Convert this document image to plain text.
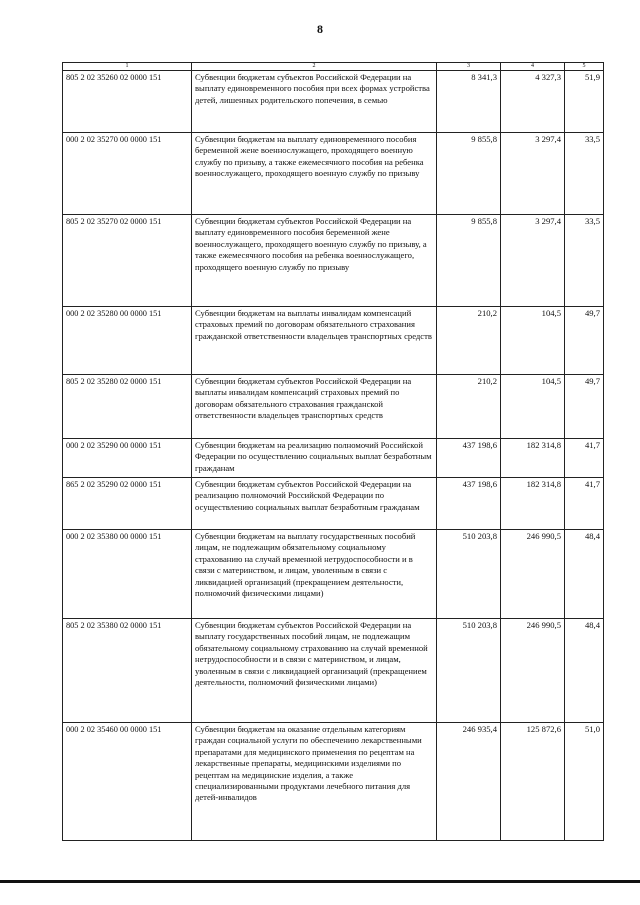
8
1	2	3	4	5
805 2 02 35260 02 0000 151	Субвенции бюджетам субъектов Российской Федерации на выплату единовременного пособия при всех формах устройства детей, лишенных родительского попечения, в семью	8 341,3	4 327,3	51,9
000 2 02 35270 00 0000 151	Субвенции бюджетам на выплату единовременного пособия беременной жене военнослужащего, проходящего военную службу по призыву, а также ежемесячного пособия на ребенка военнослужащего, проходящего военную службу по призыву	9 855,8	3 297,4	33,5
805 2 02 35270 02 0000 151	Субвенции бюджетам субъектов Российской Федерации на выплату единовременного пособия беременной жене военнослужащего, проходящего военную службу по призыву, а также ежемесячного пособия на ребенка военнослужащего, проходящего военную службу по призыву	9 855,8	3 297,4	33,5
000 2 02 35280 00 0000 151	Субвенции бюджетам на выплаты инвалидам компенсаций страховых премий по договорам обязательного страхования гражданской ответственности владельцев транспортных средств	210,2	104,5	49,7
805 2 02 35280 02 0000 151	Субвенции бюджетам субъектов Российской Федерации на выплаты инвалидам компенсаций страховых премий по договорам обязательного страхования гражданской ответственности владельцев транспортных средств	210,2	104,5	49,7
000 2 02 35290 00 0000 151	Субвенции бюджетам на реализацию полномочий Российской Федерации по осуществлению социальных выплат безработным гражданам	437 198,6	182 314,8	41,7
865 2 02 35290 02 0000 151	Субвенции бюджетам субъектов Российской Федерации на реализацию полномочий Российской Федерации по осуществлению социальных выплат безработным гражданам	437 198,6	182 314,8	41,7
000 2 02 35380 00 0000 151	Субвенции бюджетам на выплату государственных пособий лицам, не подлежащим обязательному социальному страхованию на случай временной нетрудоспособности и в связи с материнством, и лицам, уволенным в связи с ликвидацией организаций (прекращением деятельности, полномочий физическими лицами)	510 203,8	246 990,5	48,4
805 2 02 35380 02 0000 151	Субвенции бюджетам субъектов Российской Федерации на выплату государственных пособий лицам, не подлежащим обязательному социальному страхованию на случай временной нетрудоспособности и в связи с материнством, и лицам, уволенным в связи с ликвидацией организаций (прекращением деятельности, полномочий физическими лицами)	510 203,8	246 990,5	48,4
000 2 02 35460 00 0000 151	Субвенции бюджетам на оказание отдельным категориям граждан социальной услуги по обеспечению лекарственными препаратами для медицинского применения по рецептам на лекарственные препараты, медицинскими изделиями по рецептам на медицинские изделия, а также специализированными продуктами лечебного питания для детей-инвалидов	246 935,4	125 872,6	51,0
